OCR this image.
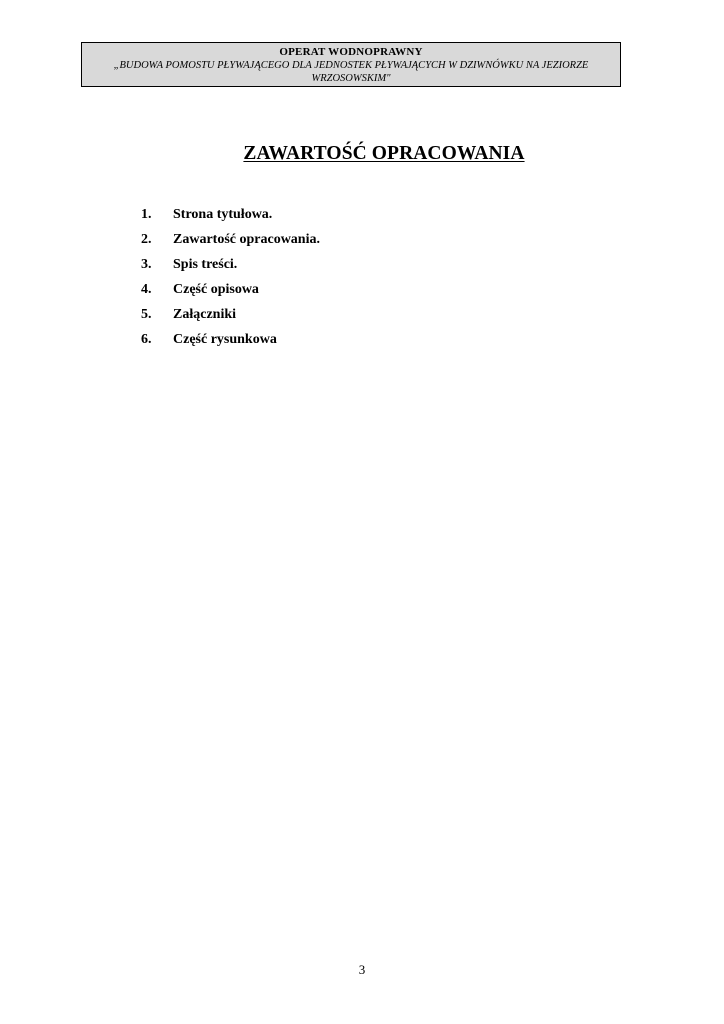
OPERAT WODNOPRAWNY
„BUDOWA POMOSTU PŁYWAJĄCEGO DLA JEDNOSTEK PŁYWAJĄCYCH W DZIWNÓWKU NA JEZIORZE WRZOSOWSKIM"
ZAWARTOŚĆ OPRACOWANIA
1. Strona tytułowa.
2. Zawartość opracowania.
3. Spis treści.
4. Część opisowa
5. Załączniki
6. Część rysunkowa
3
